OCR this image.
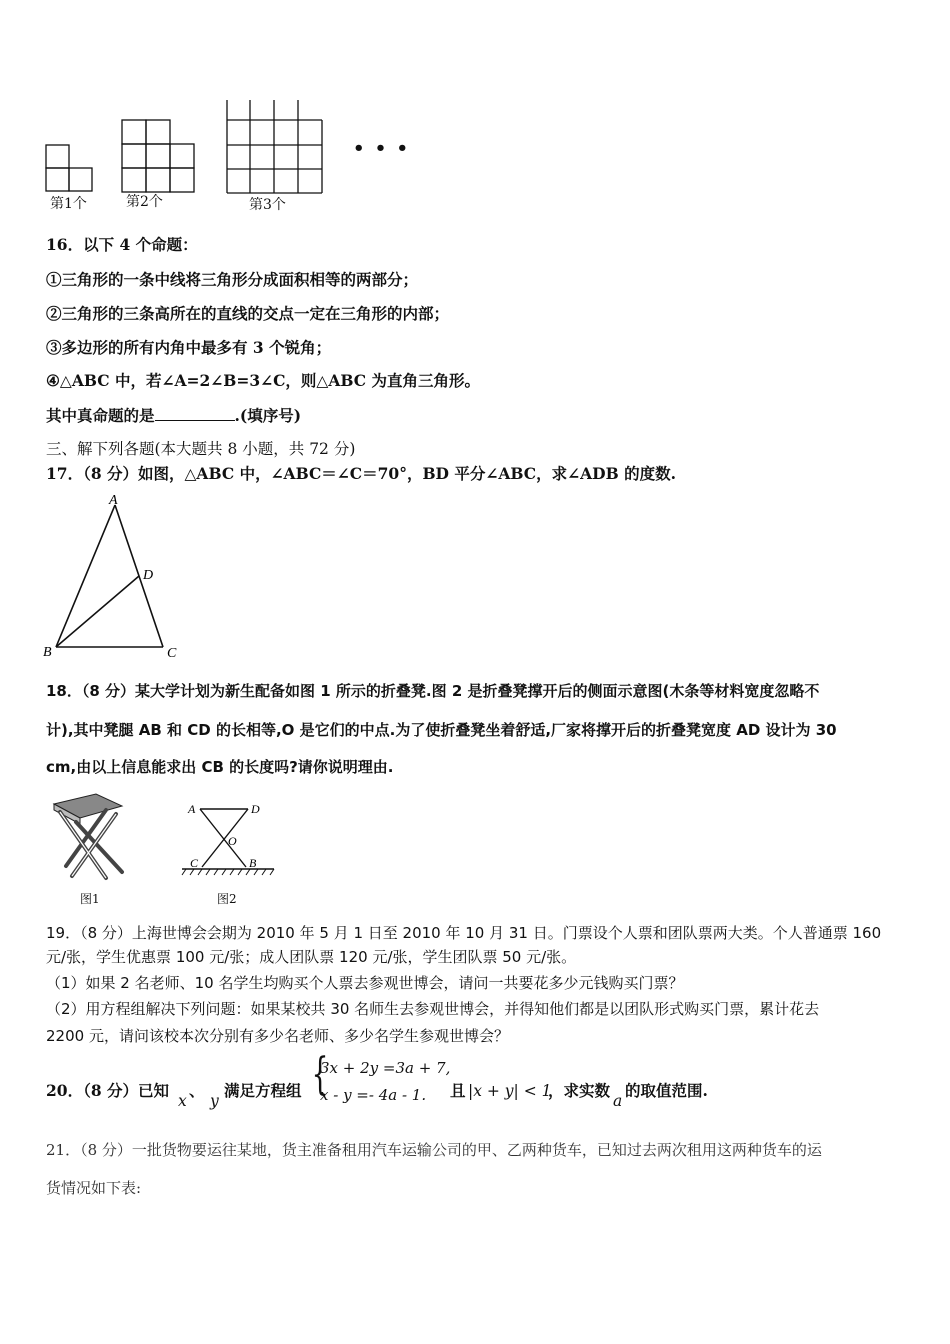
第1个	第2个	第3个
• • •
16．以下 4 个命题：
①三角形的一条中线将三角形分成面积相等的两部分；
②三角形的三条高所在的直线的交点一定在三角形的内部；
③多边形的所有内角中最多有 3 个锐角；
④△ABC 中，若∠A=2∠B=3∠C，则△ABC 为直角三角形。
其中真命题的是	.(填序号)
三、解下列各题(本大题共 8 小题，共 72 分)
17．（8 分）如图，△ABC 中，∠ABC＝∠C＝70°，BD 平分∠ABC，求∠ADB 的度数.
A
B	C
D
18．（8 分）某大学计划为新生配备如图 1 所示的折叠凳.图 2 是折叠凳撑开后的侧面示意图(木条等材料宽度忽略不
计),其中凳腿 AB 和 CD 的长相等,O 是它们的中点.为了使折叠凳坐着舒适,厂家将撑开后的折叠凳宽度 AD 设计为 30
cm,由以上信息能求出 CB 的长度吗?请你说明理由.
图1
A	D
O
C	B
图2
19．（8 分）上海世博会会期为 2010 年 5 月 1 日至 2010 年 10 月 31 日。门票设个人票和团队票两大类。个人普通票 160
元/张，学生优惠票 100 元/张；成人团队票 120 元/张，学生团队票 50 元/张。
（1）如果 2 名老师、10 名学生均购买个人票去参观世博会，请问一共要花多少元钱购买门票？
（2）用方程组解决下列问题：如果某校共 30 名师生去参观世博会，并得知他们都是以团队形式购买门票，累计花去
2200 元，请问该校本次分别有多少名老师、多少名学生参观世博会？
20．（8 分）已知
x
、
y
满足方程组 {
3x + 2y =3a + 7,
x - y =- 4a - 1. 且 |x + y| < 1
，求实数
a
的取值范围.
21．（8 分）一批货物要运往某地，货主准备租用汽车运输公司的甲、乙两种货车，已知过去两次租用这两种货车的运
货情况如下表:
